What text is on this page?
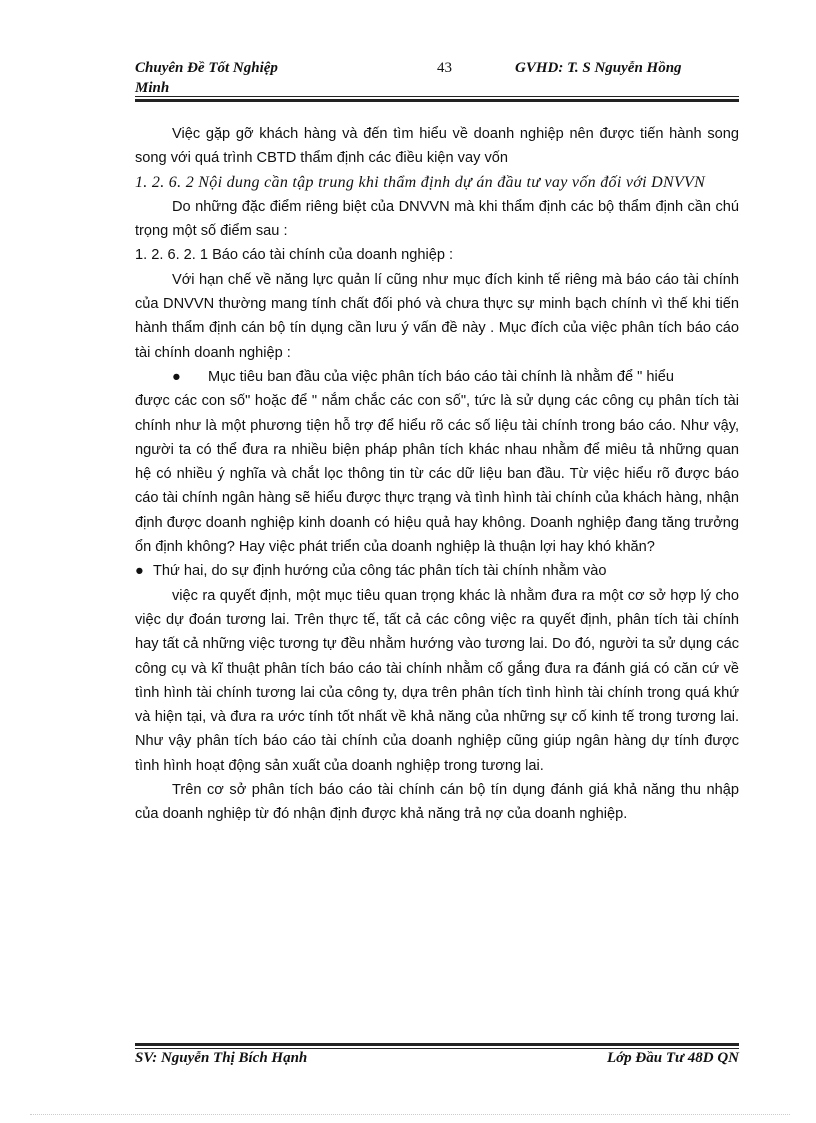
Chuyên Đề Tốt Nghiệp
Minh
43	GVHD: T. S Nguyễn Hồng

Việc gặp gỡ khách hàng và đến tìm hiểu về doanh nghiệp nên được tiến hành song song với quá trình CBTD thẩm định các điều kiện vay vốn

1. 2. 6. 2 Nội dung cần tập trung khi thẩm định dự án đầu tư vay vốn đối với DNVVN

Do những đặc điểm riêng biệt của DNVVN mà khi thẩm định các bộ thẩm định cần chú trọng một số điểm sau :

1. 2. 6. 2. 1 Báo cáo tài chính của doanh nghiệp :

Với hạn chế về năng lực quản lí cũng như mục đích kinh tế riêng mà báo cáo tài chính của DNVVN thường mang tính chất đối phó và chưa thực sự minh bạch chính vì thế khi tiến hành thẩm định cán bộ tín dụng cần lưu ý vấn đề này . Mục đích của việc phân tích báo cáo tài chính doanh nghiệp :

● Mục tiêu ban đầu của việc phân tích báo cáo tài chính là nhằm để " hiểu

được các con số" hoặc để " nắm chắc các con số", tức là sử dụng các công cụ phân tích tài chính như là một phương tiện hỗ trợ để hiểu rõ các số liệu tài chính trong báo cáo. Như vậy, người ta có thể đưa ra nhiều biện pháp phân tích khác nhau nhằm để miêu tả những quan hệ có nhiều ý nghĩa và chắt lọc thông tin từ các dữ liệu ban đầu. Từ việc hiểu rõ được báo cáo tài chính ngân hàng sẽ hiểu được thực trạng và tình hình tài chính của khách hàng, nhận định được doanh nghiệp kinh doanh có hiệu quả hay không. Doanh nghiệp đang tăng trưởng ổn định không? Hay việc phát triển của doanh nghiệp là thuận lợi hay khó khăn?

● Thứ hai, do sự định hướng của công tác phân tích tài chính nhằm vào

việc ra quyết định, một mục tiêu quan trọng khác là nhằm đưa ra một cơ sở hợp lý cho việc dự đoán tương lai. Trên thực tế, tất cả các công việc ra quyết định, phân tích tài chính hay tất cả những việc tương tự đều nhằm hướng vào tương lai. Do đó, người ta sử dụng các công cụ và kĩ thuật phân tích báo cáo tài chính nhằm cố gắng đưa ra đánh giá có căn cứ về tình hình tài chính tương lai của công ty, dựa trên phân tích tình hình tài chính trong quá khứ và hiện tại, và đưa ra ước tính tốt nhất về khả năng của những sự cố kinh tế trong tương lai. Như vậy phân tích báo cáo tài chính của doanh nghiệp cũng giúp ngân hàng dự tính được tình hình hoạt động sản xuất của doanh nghiệp trong tương lai.

Trên cơ sở phân tích báo cáo tài chính cán bộ tín dụng đánh giá khả năng thu nhập của doanh nghiệp từ đó nhận định được khả năng trả nợ của doanh nghiệp.

SV: Nguyễn Thị Bích Hạnh	Lớp Đầu Tư 48D QN
